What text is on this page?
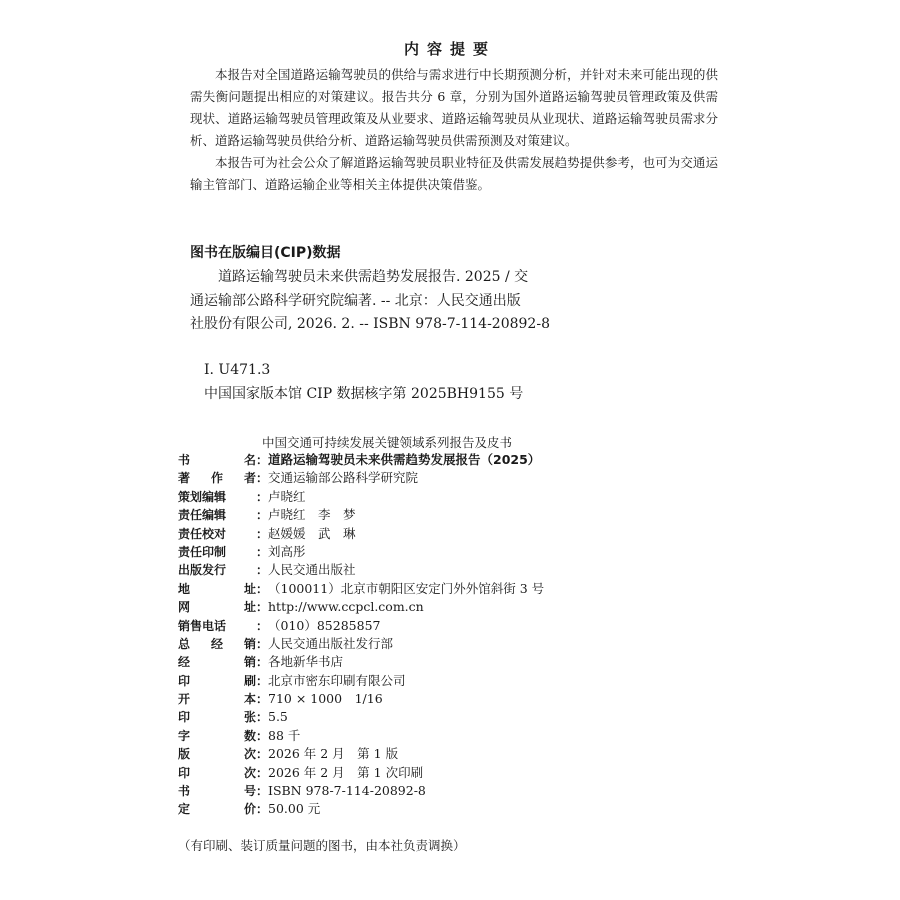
内容提要

本报告对全国道路运输驾驶员的供给与需求进行中长期预测分析，并针对未来可能出现的供需失衡问题提出相应的对策建议。报告共分 6 章，分别为国外道路运输驾驶员管理政策及供需现状、道路运输驾驶员管理政策及从业要求、道路运输驾驶员从业现状、道路运输驾驶员需求分析、道路运输驾驶员供给分析、道路运输驾驶员供需预测及对策建议。

本报告可为社会公众了解道路运输驾驶员职业特征及供需发展趋势提供参考，也可为交通运输主管部门、道路运输企业等相关主体提供决策借鉴。

图书在版编目(CIP)数据
道路运输驾驶员未来供需趋势发展报告. 2025 / 交
通运输部公路科学研究院编著. -- 北京：人民交通出版
社股份有限公司, 2026. 2. -- ISBN 978-7-114-20892-8
Ⅰ. U471.3
中国国家版本馆 CIP 数据核字第 2025BH9155 号
中国交通可持续发展关键领域系列报告及皮书
书	名 ： 道路运输驾驶员未来供需趋势发展报告（2025）
著 作 者 ： 交通运输部公路科学研究院
策划编辑	： 卢晓红
责任编辑	： 卢晓红　李　梦
责任校对	： 赵媛媛　武　琳
责任印制	： 刘高彤
出版发行	： 人民交通出版社
地	址 ： （100011）北京市朝阳区安定门外外馆斜街 3 号
网	址 ： http://www.ccpcl.com.cn
销售电话	： （010）85285857
总 经 销 ： 人民交通出版社发行部
经	销 ： 各地新华书店
印	刷 ： 北京市密东印刷有限公司
开	本 ： 710 × 1000　1/16
印	张 ： 5.5
字	数 ： 88 千
版	次 ： 2026 年 2 月　第 1 版
印	次 ： 2026 年 2 月　第 1 次印刷
书	号 ： ISBN 978-7-114-20892-8
定	价 ： 50.00 元
（有印刷、装订质量问题的图书，由本社负责调换）
